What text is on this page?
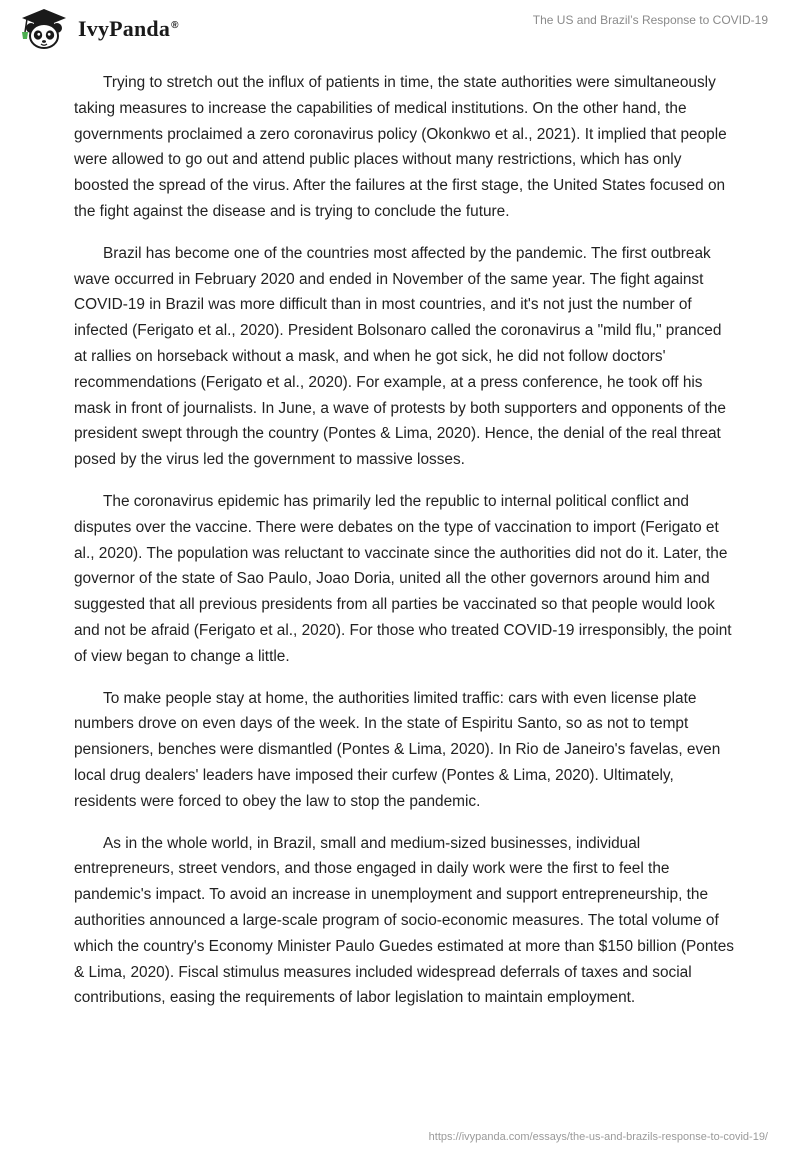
IvyPanda®	The US and Brazil’s Response to COVID-19

Trying to stretch out the influx of patients in time, the state authorities were simultaneously taking measures to increase the capabilities of medical institutions. On the other hand, the governments proclaimed a zero coronavirus policy (Okonkwo et al., 2021). It implied that people were allowed to go out and attend public places without many restrictions, which has only boosted the spread of the virus. After the failures at the first stage, the United States focused on the fight against the disease and is trying to conclude the future.

Brazil has become one of the countries most affected by the pandemic. The first outbreak wave occurred in February 2020 and ended in November of the same year. The fight against COVID-19 in Brazil was more difficult than in most countries, and it's not just the number of infected (Ferigato et al., 2020). President Bolsonaro called the coronavirus a "mild flu," pranced at rallies on horseback without a mask, and when he got sick, he did not follow doctors' recommendations (Ferigato et al., 2020). For example, at a press conference, he took off his mask in front of journalists. In June, a wave of protests by both supporters and opponents of the president swept through the country (Pontes & Lima, 2020). Hence, the denial of the real threat posed by the virus led the government to massive losses.

The coronavirus epidemic has primarily led the republic to internal political conflict and disputes over the vaccine. There were debates on the type of vaccination to import (Ferigato et al., 2020). The population was reluctant to vaccinate since the authorities did not do it. Later, the governor of the state of Sao Paulo, Joao Doria, united all the other governors around him and suggested that all previous presidents from all parties be vaccinated so that people would look and not be afraid (Ferigato et al., 2020). For those who treated COVID-19 irresponsibly, the point of view began to change a little.

To make people stay at home, the authorities limited traffic: cars with even license plate numbers drove on even days of the week. In the state of Espiritu Santo, so as not to tempt pensioners, benches were dismantled (Pontes & Lima, 2020). In Rio de Janeiro's favelas, even local drug dealers' leaders have imposed their curfew (Pontes & Lima, 2020). Ultimately, residents were forced to obey the law to stop the pandemic.

As in the whole world, in Brazil, small and medium-sized businesses, individual entrepreneurs, street vendors, and those engaged in daily work were the first to feel the pandemic's impact. To avoid an increase in unemployment and support entrepreneurship, the authorities announced a large-scale program of socio-economic measures. The total volume of which the country's Economy Minister Paulo Guedes estimated at more than $150 billion (Pontes & Lima, 2020). Fiscal stimulus measures included widespread deferrals of taxes and social contributions, easing the requirements of labor legislation to maintain employment.

https://ivypanda.com/essays/the-us-and-brazils-response-to-covid-19/
